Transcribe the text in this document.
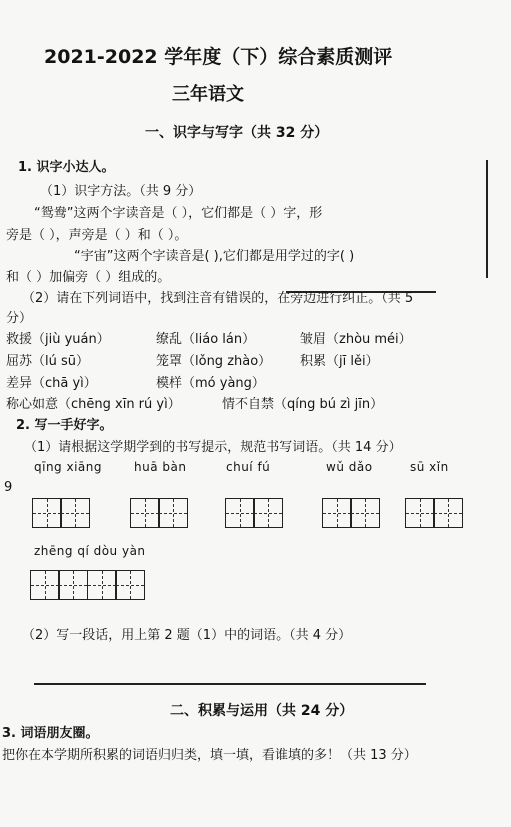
2021-2022 学年度（下）综合素质测评
三年语文
一、识字与写字（共 32 分）
1. 识字小达人。
（1）识字方法。（共 9 分）
“鸳鸯”这两个字读音是（ ），它们都是（ ）字，形
旁是（ ），声旁是（ ）和（ ）。
“宇宙”这两个字读音是( ),它们都是用学过的字( )
和（ ）加偏旁（ ）组成的。
（2）请在下列词语中，找到注音有错误的，在旁边进行纠正。（共 5
分）
救援（jiù yuán）	缭乱（liáo lán）	皱眉（zhòu méi）
屈苏（lú sū）	笼罩（lǒng zhào） 积累（jī lěi）
差异（chā yì）	模样（mó yàng）
称心如意（chēng xīn rú yì）	情不自禁（qíng bú zì jīn）
2. 写一手好字。
（1）请根据这学期学到的书写提示，规范书写词语。（共 14 分）
qīng xiāng	huā bàn	chuí fú	wǔ dǎo	sū xǐn
9
zhēng qí dòu yàn
（2）写一段话，用上第 2 题（1）中的词语。（共 4 分）
二、积累与运用（共 24 分）
3. 词语朋友圈。
把你在本学期所积累的词语归归类，填一填，看谁填的多！（共 13 分）
